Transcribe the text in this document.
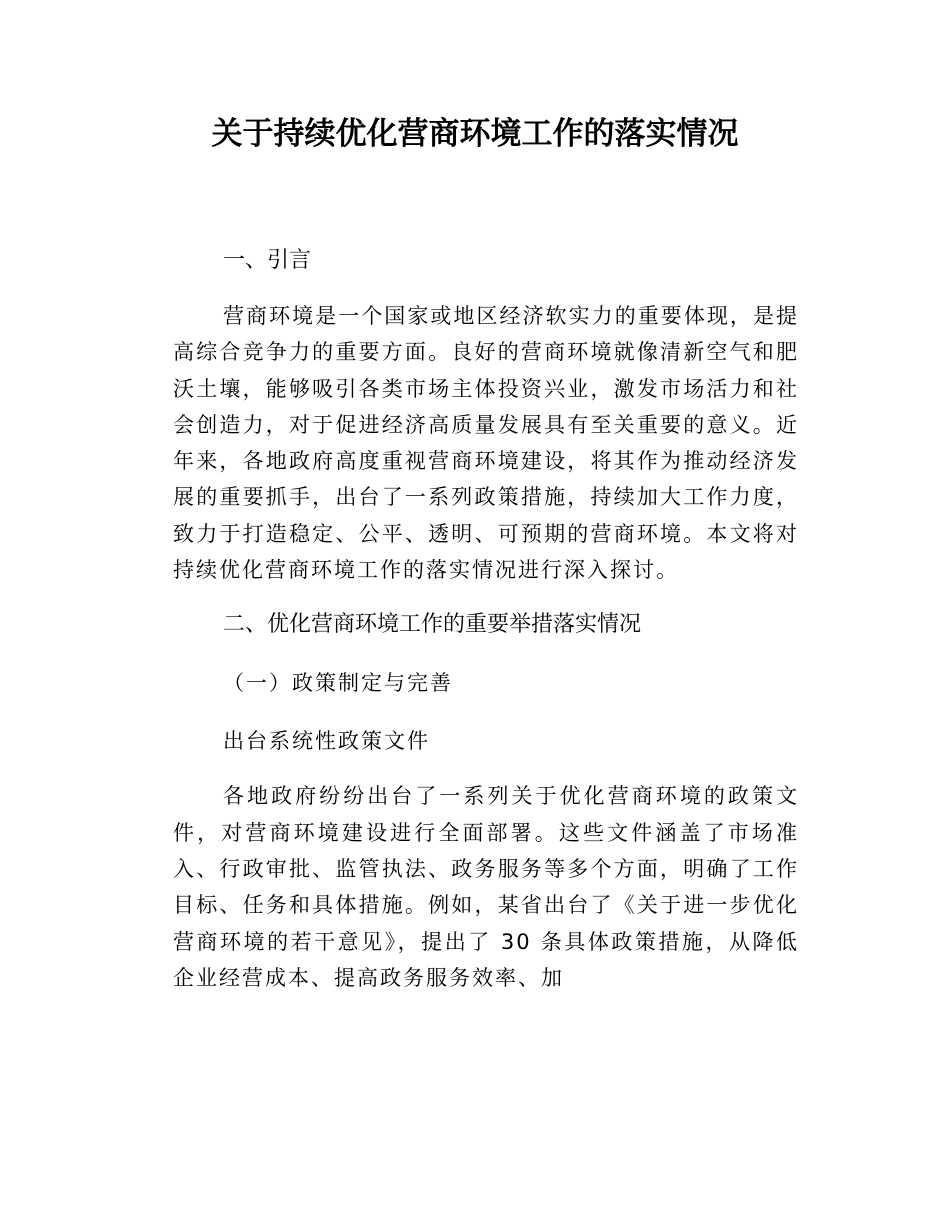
关于持续优化营商环境工作的落实情况
一、引言

营商环境是一个国家或地区经济软实力的重要体现，是提高综合竞争力的重要方面。良好的营商环境就像清新空气和肥沃土壤，能够吸引各类市场主体投资兴业，激发市场活力和社会创造力，对于促进经济高质量发展具有至关重要的意义。近年来，各地政府高度重视营商环境建设，将其作为推动经济发展的重要抓手，出台了一系列政策措施，持续加大工作力度，致力于打造稳定、公平、透明、可预期的营商环境。本文将对持续优化营商环境工作的落实情况进行深入探讨。

二、优化营商环境工作的重要举措落实情况
（一）政策制定与完善
出台系统性政策文件

各地政府纷纷出台了一系列关于优化营商环境的政策文件，对营商环境建设进行全面部署。这些文件涵盖了市场准入、行政审批、监管执法、政务服务等多个方面，明确了工作目标、任务和具体措施。例如，某省出台了《关于进一步优化营商环境的若干意见》，提出了 30 条具体政策措施，从降低企业经营成本、提高政务服务效率、加
